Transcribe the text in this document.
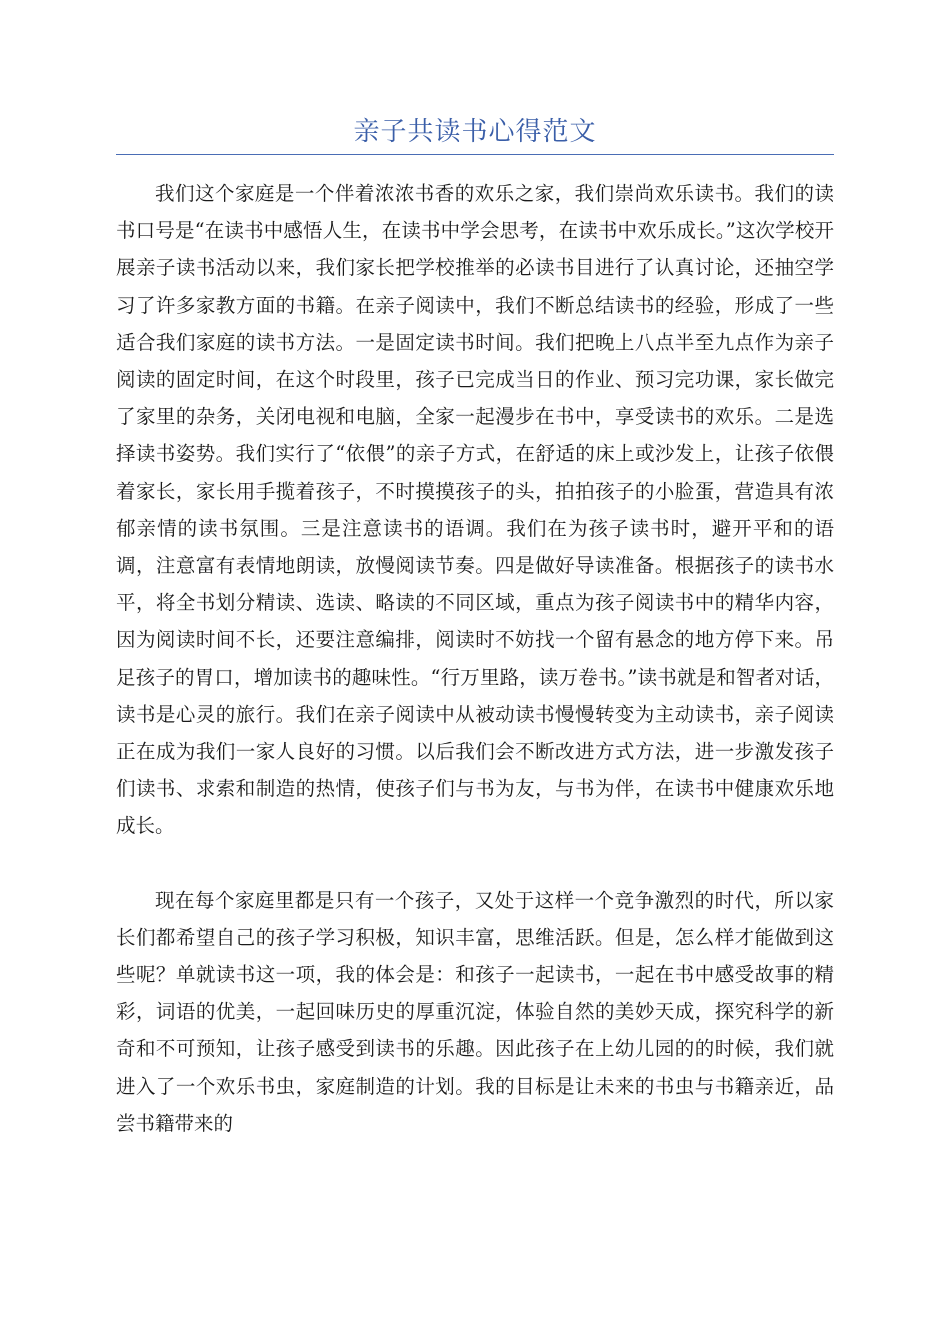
亲子共读书心得范文

我们这个家庭是一个伴着浓浓书香的欢乐之家，我们崇尚欢乐读书。我们的读书口号是“在读书中感悟人生，在读书中学会思考，在读书中欢乐成长。”这次学校开展亲子读书活动以来，我们家长把学校推举的必读书目进行了认真讨论，还抽空学习了许多家教方面的书籍。在亲子阅读中，我们不断总结读书的经验，形成了一些适合我们家庭的读书方法。一是固定读书时间。我们把晚上八点半至九点作为亲子阅读的固定时间，在这个时段里，孩子已完成当日的作业、预习完功课，家长做完了家里的杂务，关闭电视和电脑，全家一起漫步在书中，享受读书的欢乐。二是选择读书姿势。我们实行了“依偎”的亲子方式，在舒适的床上或沙发上，让孩子依偎着家长，家长用手揽着孩子，不时摸摸孩子的头，拍拍孩子的小脸蛋，营造具有浓郁亲情的读书氛围。三是注意读书的语调。我们在为孩子读书时，避开平和的语调，注意富有表情地朗读，放慢阅读节奏。四是做好导读准备。根据孩子的读书水平，将全书划分精读、选读、略读的不同区域，重点为孩子阅读书中的精华内容，因为阅读时间不长，还要注意编排，阅读时不妨找一个留有悬念的地方停下来。吊足孩子的胃口，增加读书的趣味性。“行万里路，读万卷书。”读书就是和智者对话，读书是心灵的旅行。我们在亲子阅读中从被动读书慢慢转变为主动读书，亲子阅读正在成为我们一家人良好的习惯。以后我们会不断改进方式方法，进一步激发孩子们读书、求索和制造的热情，使孩子们与书为友，与书为伴，在读书中健康欢乐地成长。

现在每个家庭里都是只有一个孩子，又处于这样一个竞争激烈的时代，所以家长们都希望自己的孩子学习积极，知识丰富，思维活跃。但是，怎么样才能做到这些呢？单就读书这一项，我的体会是：和孩子一起读书，一起在书中感受故事的精彩，词语的优美，一起回味历史的厚重沉淀，体验自然的美妙天成，探究科学的新奇和不可预知，让孩子感受到读书的乐趣。因此孩子在上幼儿园的的时候，我们就进入了一个欢乐书虫，家庭制造的计划。我的目标是让未来的书虫与书籍亲近，品尝书籍带来的
